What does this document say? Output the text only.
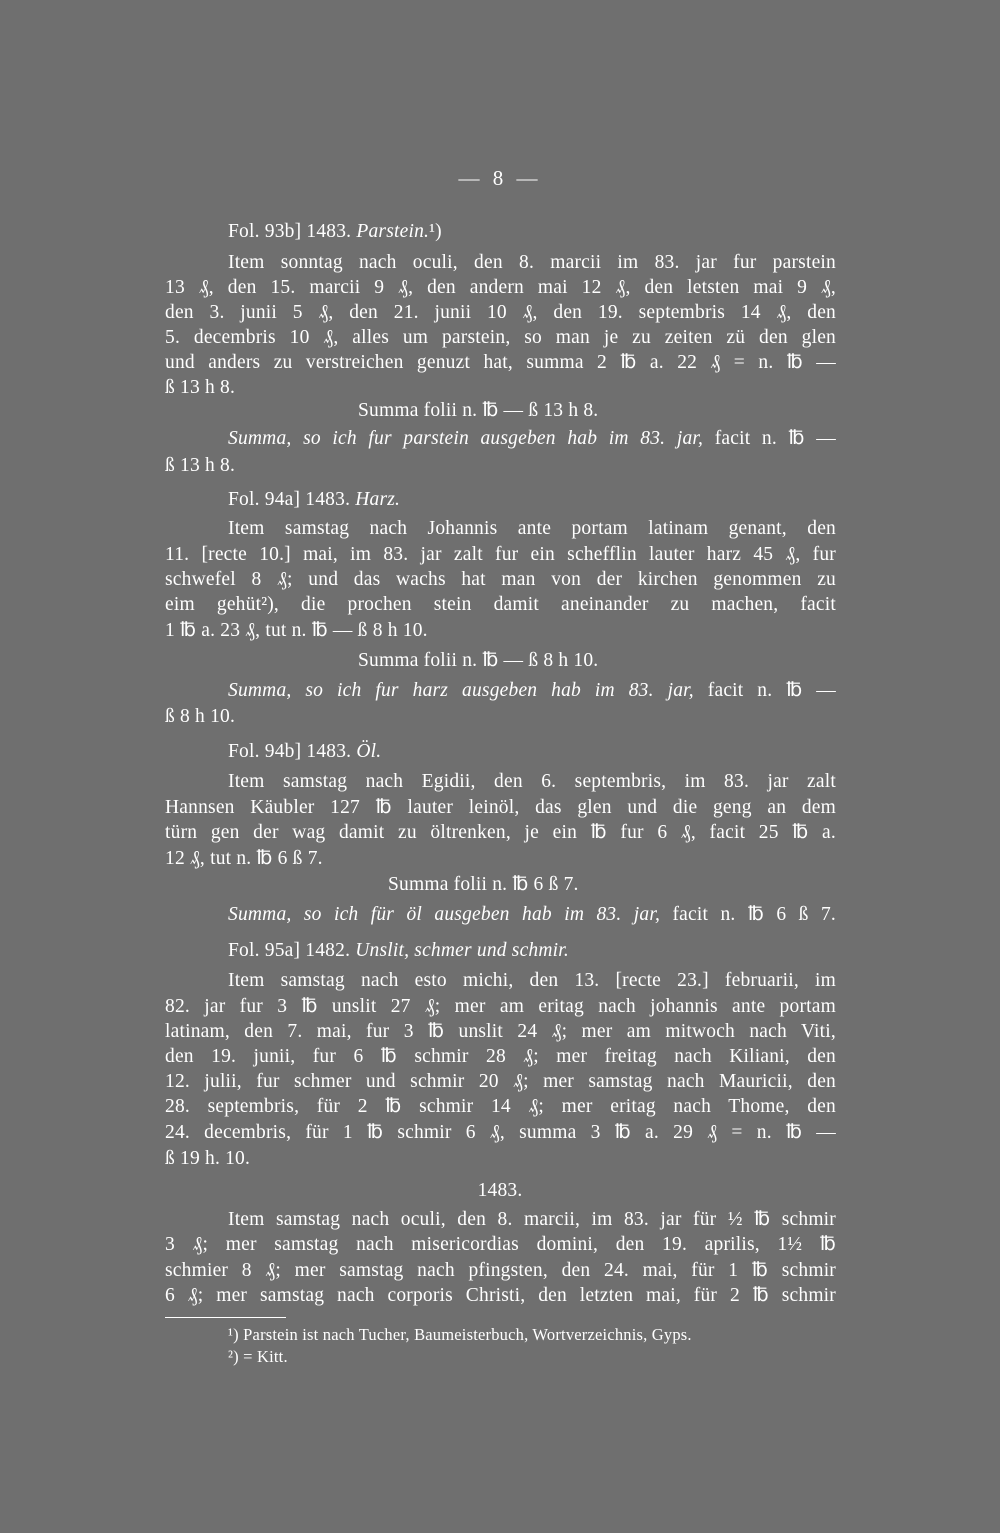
— 8 —
Fol. 93b] 1483. Parstein.¹)
Item sonntag nach oculi, den 8. marcii im 83. jar fur parstein
13 ₰, den 15. marcii 9 ₰, den andern mai 12 ₰, den letsten mai 9 ₰,
den 3. junii 5 ₰, den 21. junii 10 ₰, den 19. septembris 14 ₰, den
5. decembris 10 ₰, alles um parstein, so man je zu zeiten zü den glen
und anders zu verstreichen genuzt hat, summa 2 ℔ a. 22 ₰ = n. ℔ —
ß 13 h 8.
Summa folii n. ℔ — ß 13 h 8.
Summa, so ich fur parstein ausgeben hab im 83. jar, facit n. ℔ —
ß 13 h 8.
Fol. 94a] 1483. Harz.
Item samstag nach Johannis ante portam latinam genant, den
11. [recte 10.] mai, im 83. jar zalt fur ein schefflin lauter harz 45 ₰, fur
schwefel 8 ₰; und das wachs hat man von der kirchen genommen zu
eim gehüt²), die prochen stein damit aneinander zu machen, facit
1 ℔ a. 23 ₰, tut n. ℔ — ß 8 h 10.
Summa folii n. ℔ — ß 8 h 10.
Summa, so ich fur harz ausgeben hab im 83. jar, facit n. ℔ —
ß 8 h 10.
Fol. 94b] 1483. Öl.
Item samstag nach Egidii, den 6. septembris, im 83. jar zalt
Hannsen Käubler 127 ℔ lauter leinöl, das glen und die geng an dem
türn gen der wag damit zu öltrenken, je ein ℔ fur 6 ₰, facit 25 ℔ a.
12 ₰, tut n. ℔ 6 ß 7.
Summa folii n. ℔ 6 ß 7.
Summa, so ich für öl ausgeben hab im 83. jar, facit n. ℔ 6 ß 7.
Fol. 95a] 1482. Unslit, schmer und schmir.
Item samstag nach esto michi, den 13. [recte 23.] februarii, im
82. jar fur 3 ℔ unslit 27 ₰; mer am eritag nach johannis ante portam
latinam, den 7. mai, fur 3 ℔ unslit 24 ₰; mer am mitwoch nach Viti,
den 19. junii, fur 6 ℔ schmir 28 ₰; mer freitag nach Kiliani, den
12. julii, fur schmer und schmir 20 ₰; mer samstag nach Mauricii, den
28. septembris, für 2 ℔ schmir 14 ₰; mer eritag nach Thome, den
24. decembris, für 1 ℔ schmir 6 ₰, summa 3 ℔ a. 29 ₰ = n. ℔ —
ß 19 h. 10.
1483.
Item samstag nach oculi, den 8. marcii, im 83. jar für ½ ℔ schmir
3 ₰; mer samstag nach misericordias domini, den 19. aprilis, 1½ ℔
schmier 8 ₰; mer samstag nach pfingsten, den 24. mai, für 1 ℔ schmir
6 ₰; mer samstag nach corporis Christi, den letzten mai, für 2 ℔ schmir
¹) Parstein ist nach Tucher, Baumeisterbuch, Wortverzeichnis, Gyps.
²) = Kitt.
